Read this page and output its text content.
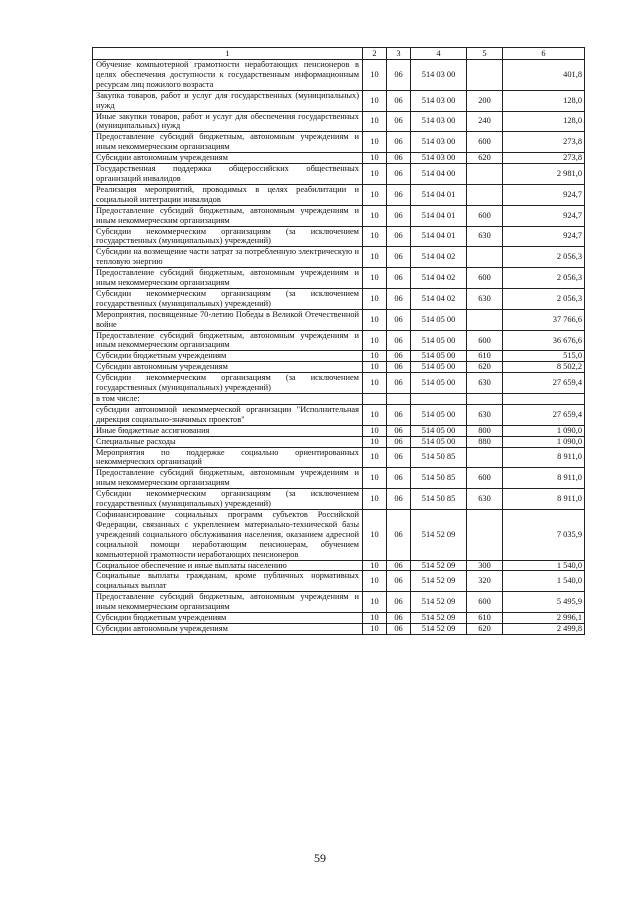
1	2	3	4	5	6
Обучение компьютерной грамотности неработающих пенсионеров в целях обеспечения доступности к государственным информационным ресурсам лиц пожилого возраста	10	06	514 03 00		401,8
Закупка товаров, работ и услуг для государственных (муниципальных) нужд	10	06	514 03 00	200	128,0
Иные закупки товаров, работ и услуг для обеспечения государственных (муниципальных) нужд	10	06	514 03 00	240	128,0
Предоставление субсидий бюджетным, автономным учреждениям и иным некоммерческим организациям	10	06	514 03 00	600	273,8
Субсидии автономным учреждениям	10	06	514 03 00	620	273,8
Государственная поддержка общероссийских общественных организаций инвалидов	10	06	514 04 00		2 981,0
Реализация мероприятий, проводимых в целях реабилитации и социальной интеграции инвалидов	10	06	514 04 01		924,7
Предоставление субсидий бюджетным, автономным учреждениям и иным некоммерческим организациям	10	06	514 04 01	600	924,7
Субсидии некоммерческим организациям (за исключением государственных (муниципальных) учреждений)	10	06	514 04 01	630	924,7
Субсидии на возмещение части затрат за потребленную электрическую и тепловую энергию	10	06	514 04 02		2 056,3
Предоставление субсидий бюджетным, автономным учреждениям и иным некоммерческим организациям	10	06	514 04 02	600	2 056,3
Субсидии некоммерческим организациям (за исключением государственных (муниципальных) учреждений)	10	06	514 04 02	630	2 056,3
Мероприятия, посвященные 70-летию Победы в Великой Отечественной войне	10	06	514 05 00		37 766,6
Предоставление субсидий бюджетным, автономным учреждениям и иным некоммерческим организациям	10	06	514 05 00	600	36 676,6
Субсидии бюджетным учреждениям	10	06	514 05 00	610	515,0
Субсидии автономным учреждениям	10	06	514 05 00	620	8 502,2
Субсидии некоммерческим организациям (за исключением государственных (муниципальных) учреждений)	10	06	514 05 00	630	27 659,4
в том числе:					
субсидии автономной некоммерческой организации "Исполнительная дирекция социально-значимых проектов"	10	06	514 05 00	630	27 659,4
Иные бюджетные ассигнования	10	06	514 05 00	800	1 090,0
Специальные расходы	10	06	514 05 00	880	1 090,0
Мероприятия по поддержке социально ориентированных некоммерческих организаций	10	06	514 50 85		8 911,0
Предоставление субсидий бюджетным, автономным учреждениям и иным некоммерческим организациям	10	06	514 50 85	600	8 911,0
Субсидии некоммерческим организациям (за исключением государственных (муниципальных) учреждений)	10	06	514 50 85	630	8 911,0
Софинансирование социальных программ субъектов Российской Федерации, связанных с укреплением материально-технической базы учреждений социального обслуживания населения, оказанием адресной социальной помощи неработающим пенсионерам, обучением компьютерной грамотности неработающих пенсионеров	10	06	514 52 09		7 035,9
Социальное обеспечение и иные выплаты населению	10	06	514 52 09	300	1 540,0
Социальные выплаты гражданам, кроме публичных нормативных социальных выплат	10	06	514 52 09	320	1 540,0
Предоставление субсидий бюджетным, автономным учреждениям и иным некоммерческим организациям	10	06	514 52 09	600	5 495,9
Субсидии бюджетным учреждениям	10	06	514 52 09	610	2 996,1
Субсидии автономным учреждениям	10	06	514 52 09	620	2 499,8
59
